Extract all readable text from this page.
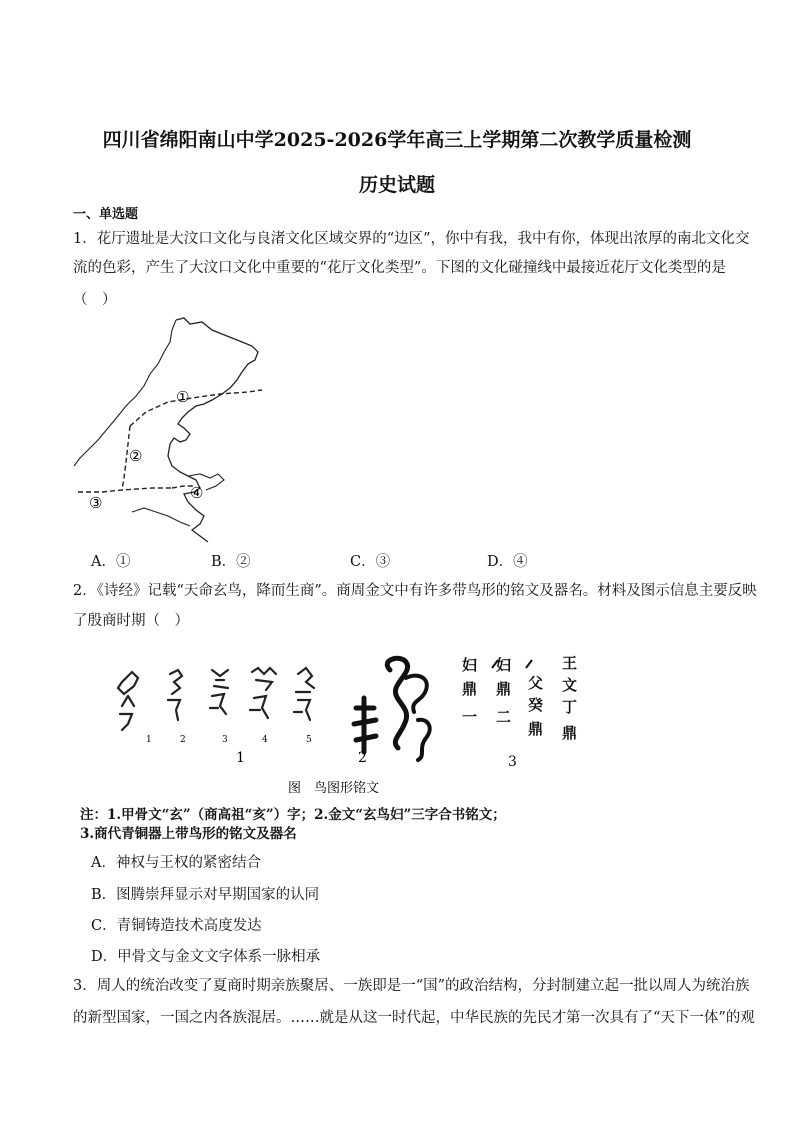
四川省绵阳南山中学2025-2026学年高三上学期第二次教学质量检测
历史试题
一、单选题
1．花厅遗址是大汶口文化与良渚文化区域交界的“边区”，你中有我，我中有你，体现出浓厚的南北文化交
流的色彩，产生了大汶口文化中重要的“花厅文化类型”。下图的文化碰撞线中最接近花厅文化类型的是
（　）
①
②
③
④
A．①	B．②	C．③	D．④
2．《诗经》记载“天命玄鸟，降而生商”。商周金文中有许多带鸟形的铭文及器名。材料及图示信息主要反映
了殷商时期（　）
1	2	3	4	5
妇
鼎
一
妇
鼎
二
父
癸
鼎
王
文
丁
鼎
1	2	3
图　鸟图形铭文
注：1.甲骨文“玄”（商高祖“亥”）字；2.金文“玄鸟妇”三字合书铭文；
3.商代青铜器上带鸟形的铭文及器名
A．神权与王权的紧密结合
B．图腾崇拜显示对早期国家的认同
C．青铜铸造技术高度发达
D．甲骨文与金文文字体系一脉相承
3．周人的统治改变了夏商时期亲族聚居、一族即是一“国”的政治结构，分封制建立起一批以周人为统治族
的新型国家，一国之内各族混居。……就是从这一时代起，中华民族的先民才第一次具有了“天下一体”的观
